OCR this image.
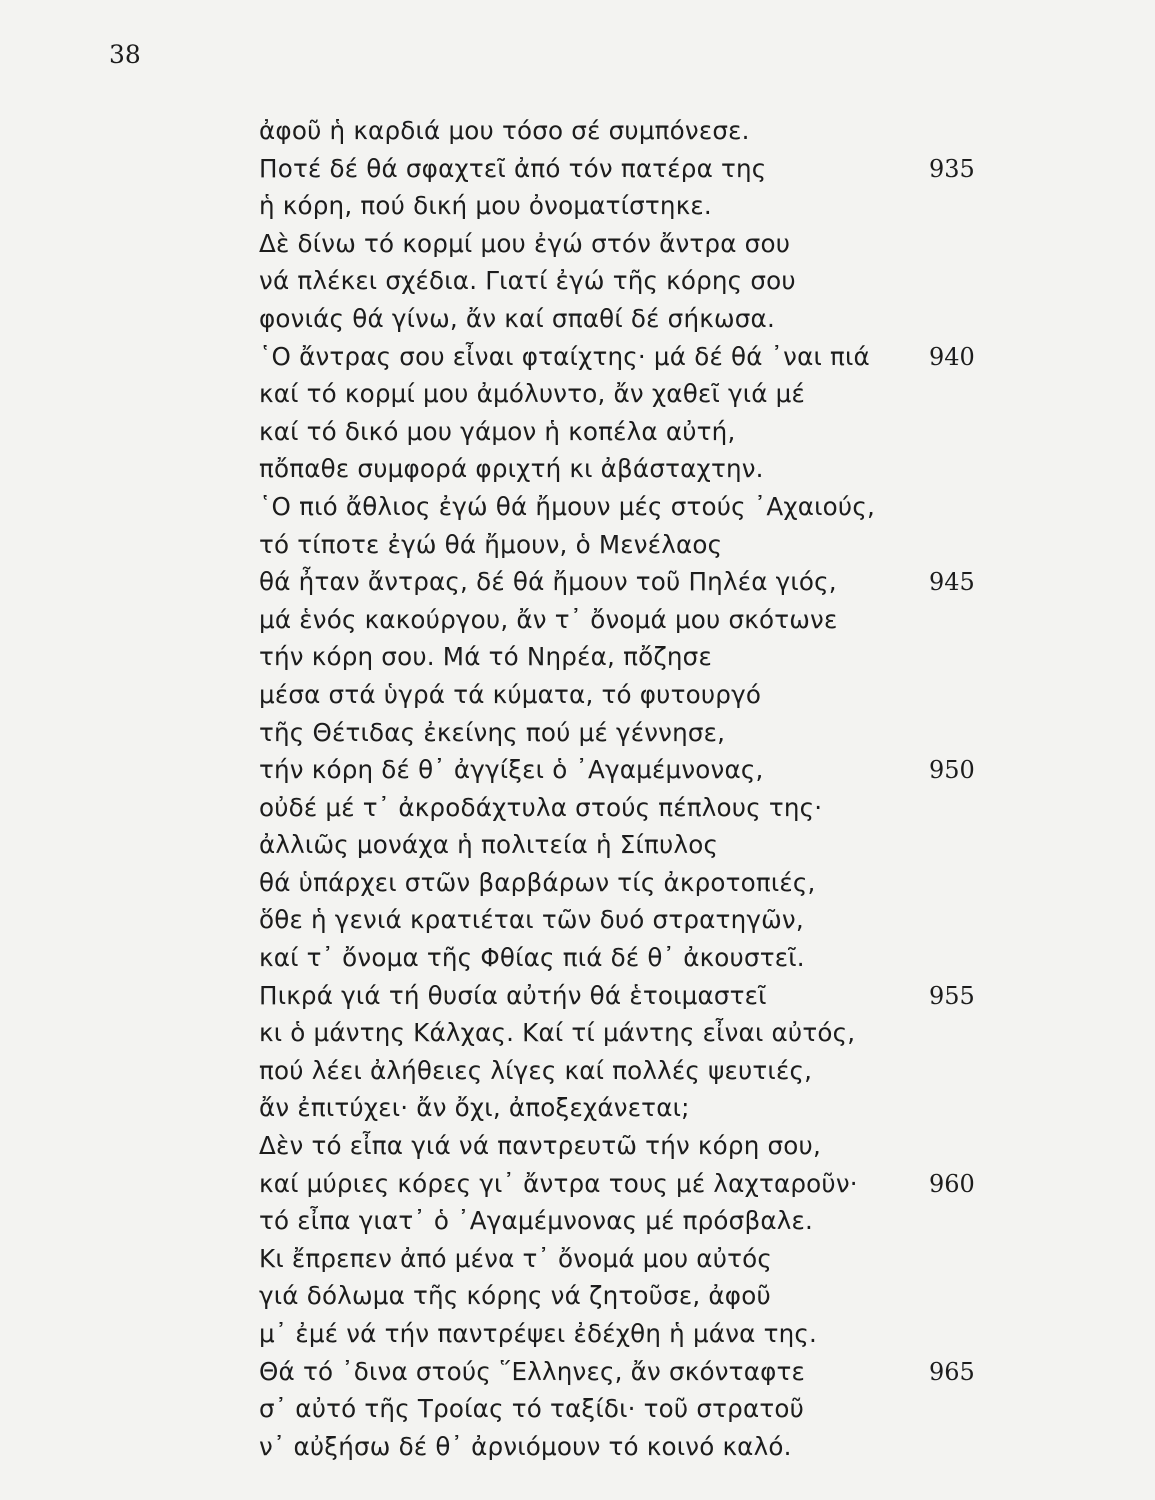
38
ἀφοῦ ἡ καρδιά μου τόσο σέ συμπόνεσε.
Ποτέ δέ θά σφαχτεῖ ἀπό τόν πατέρα της
ἡ κόρη, πού δική μου ὀνοματίστηκε.
Δὲ δίνω τό κορμί μου ἐγώ στόν ἄντρα σου
νά πλέκει σχέδια. Γιατί ἐγώ τῆς κόρης σου
φονιάς θά γίνω, ἄν καί σπαθί δέ σήκωσα.
῾Ο ἄντρας σου εἶναι φταίχτης· μά δέ θά ᾿ναι πιά
καί τό κορμί μου ἀμόλυντο, ἄν χαθεῖ γιά μέ
καί τό δικό μου γάμον ἡ κοπέλα αὐτή,
πὄπαθε συμφορά φριχτή κι ἀβάσταχτην.
῾Ο πιό ἄθλιος ἐγώ θά ἤμουν μές στούς ᾿Αχαιούς,
τό τίποτε ἐγώ θά ἤμουν, ὁ Μενέλαος
θά ἦταν ἄντρας, δέ θά ἤμουν τοῦ Πηλέα γιός,
μά ἑνός κακούργου, ἄν τ᾿ ὄνομά μου σκότωνε
τήν κόρη σου. Μά τό Νηρέα, πὄζησε
μέσα στά ὑγρά τά κύματα, τό φυτουργό
τῆς Θέτιδας ἐκείνης πού μέ γέννησε,
τήν κόρη δέ θ᾿ ἀγγίξει ὁ ᾿Αγαμέμνονας,
οὐδέ μέ τ᾿ ἀκροδάχτυλα στούς πέπλους της·
ἀλλιῶς μονάχα ἡ πολιτεία ἡ Σίπυλος
θά ὑπάρχει στῶν βαρβάρων τίς ἀκροτοπιές,
ὅθε ἡ γενιά κρατιέται τῶν δυό στρατηγῶν,
καί τ᾿ ὄνομα τῆς Φθίας πιά δέ θ᾿ ἀκουστεῖ.
Πικρά γιά τή θυσία αὐτήν θά ἑτοιμαστεῖ
κι ὁ μάντης Κάλχας. Καί τί μάντης εἶναι αὐτός,
πού λέει ἀλήθειες λίγες καί πολλές ψευτιές,
ἄν ἐπιτύχει· ἄν ὄχι, ἀποξεχάνεται;
Δὲν τό εἶπα γιά νά παντρευτῶ τήν κόρη σου,
καί μύριες κόρες γι᾿ ἄντρα τους μέ λαχταροῦν·
τό εἶπα γιατ᾿ ὁ ᾿Αγαμέμνονας μέ πρόσβαλε.
Κι ἔπρεπεν ἀπό μένα τ᾿ ὄνομά μου αὐτός
γιά δόλωμα τῆς κόρης νά ζητοῦσε, ἀφοῦ
μ᾿ ἐμέ νά τήν παντρέψει ἐδέχθη ἡ μάνα της.
Θά τό ᾿δινα στούς ῞Ελληνες, ἄν σκόνταφτε
σ᾿ αὐτό τῆς Τροίας τό ταξίδι· τοῦ στρατοῦ
ν᾿ αὐξήσω δέ θ᾿ ἀρνιόμουν τό κοινό καλό.
935
940
945
950
955
960
965
